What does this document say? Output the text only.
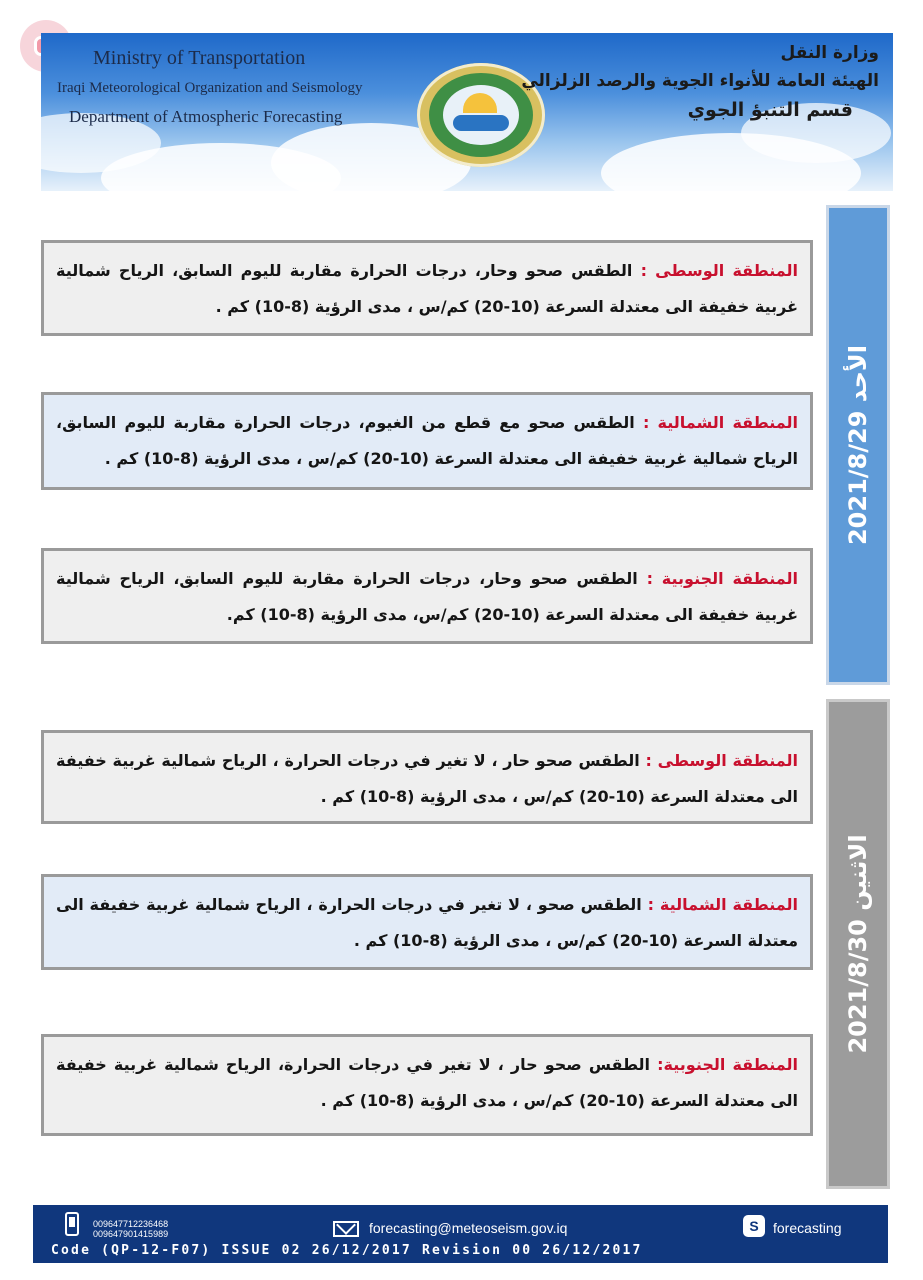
Ministry of Transportation
Iraqi Meteorological Organization and Seismology
Department of Atmospheric Forecasting
وزارة النقل
الهيئة العامة للأنواء الجوية والرصد الزلزالي
قسم التنبؤ الجوي
المنطقة الوسطى : الطقس صحو وحار، درجات الحرارة مقاربة لليوم السابق، الرياح شمالية غربية خفيفة الى معتدلة السرعة (10-20) كم/س ، مدى الرؤية (8-10) كم .
المنطقة الشمالية : الطقس صحو مع قطع من الغيوم، درجات الحرارة مقاربة لليوم السابق، الرياح شمالية غربية خفيفة الى معتدلة السرعة (10-20) كم/س ، مدى الرؤية (8-10) كم .
المنطقة الجنوبية : الطقس صحو وحار، درجات الحرارة مقاربة لليوم السابق، الرياح شمالية غربية خفيفة الى معتدلة السرعة (10-20) كم/س، مدى الرؤية (8-10) كم.
الأحد 2021/8/29
المنطقة الوسطى : الطقس صحو حار ، لا تغير في درجات الحرارة ، الرياح شمالية غربية خفيفة الى معتدلة السرعة (10-20) كم/س ، مدى الرؤية (8-10) كم .
المنطقة الشمالية : الطقس صحو ، لا تغير في درجات الحرارة ، الرياح شمالية غربية خفيفة الى معتدلة السرعة (10-20) كم/س ، مدى الرؤية (8-10) كم .
المنطقة الجنوبية: الطقس صحو حار ، لا تغير في درجات الحرارة، الرياح شمالية غربية خفيفة الى معتدلة السرعة (10-20) كم/س ، مدى الرؤية (8-10) كم .
الاثنين 2021/8/30
009647712236468
009647901415989	forecasting@meteoseism.gov.iq	S	forecasting
Code (QP-12-F07) ISSUE 02 26/12/2017 Revision 00 26/12/2017
